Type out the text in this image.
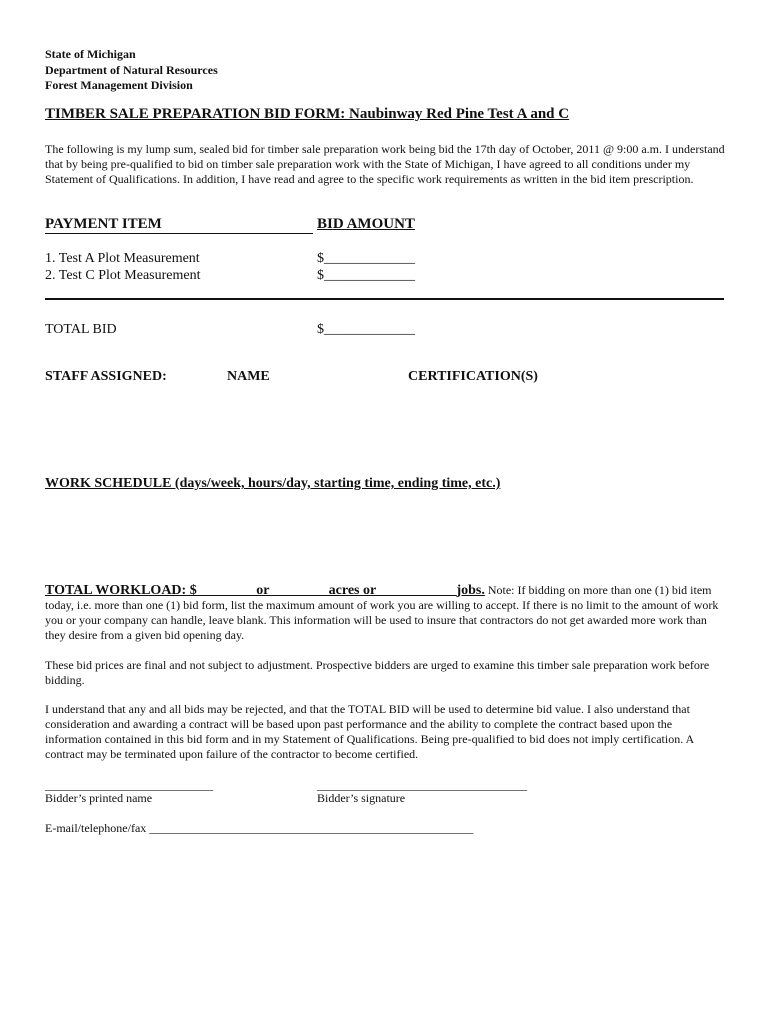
State of Michigan
Department of Natural Resources
Forest Management Division
TIMBER SALE PREPARATION BID FORM: Naubinway Red Pine Test A and C
The following is my lump sum, sealed bid for timber sale preparation work being bid the 17th day of October, 2011 @ 9:00 a.m. I understand that by being pre-qualified to bid on timber sale preparation work with the State of Michigan, I have agreed to all conditions under my Statement of Qualifications. In addition, I have read and agree to the specific work requirements as written in the bid item prescription.
PAYMENT ITEM	BID AMOUNT
1. Test A Plot Measurement	$_____________
2. Test C Plot Measurement	$_____________
TOTAL BID	$_____________
STAFF ASSIGNED:	NAME	CERTIFICATION(S)
WORK SCHEDULE (days/week, hours/day, starting time, ending time, etc.)
TOTAL WORKLOAD: $________ or ________acres or ___________jobs. Note: If bidding on more than one (1) bid item today, i.e. more than one (1) bid form, list the maximum amount of work you are willing to accept. If there is no limit to the amount of work you or your company can handle, leave blank. This information will be used to insure that contractors do not get awarded more work than they desire from a given bid opening day.
These bid prices are final and not subject to adjustment. Prospective bidders are urged to examine this timber sale preparation work before bidding.
I understand that any and all bids may be rejected, and that the TOTAL BID will be used to determine bid value. I also understand that consideration and awarding a contract will be based upon past performance and the ability to complete the contract based upon the information contained in this bid form and in my Statement of Qualifications. Being pre-qualified to bid does not imply certification. A contract may be terminated upon failure of the contractor to become certified.
____________________________	___________________________________
Bidder’s printed name	Bidder’s signature
E-mail/telephone/fax ______________________________________________________
